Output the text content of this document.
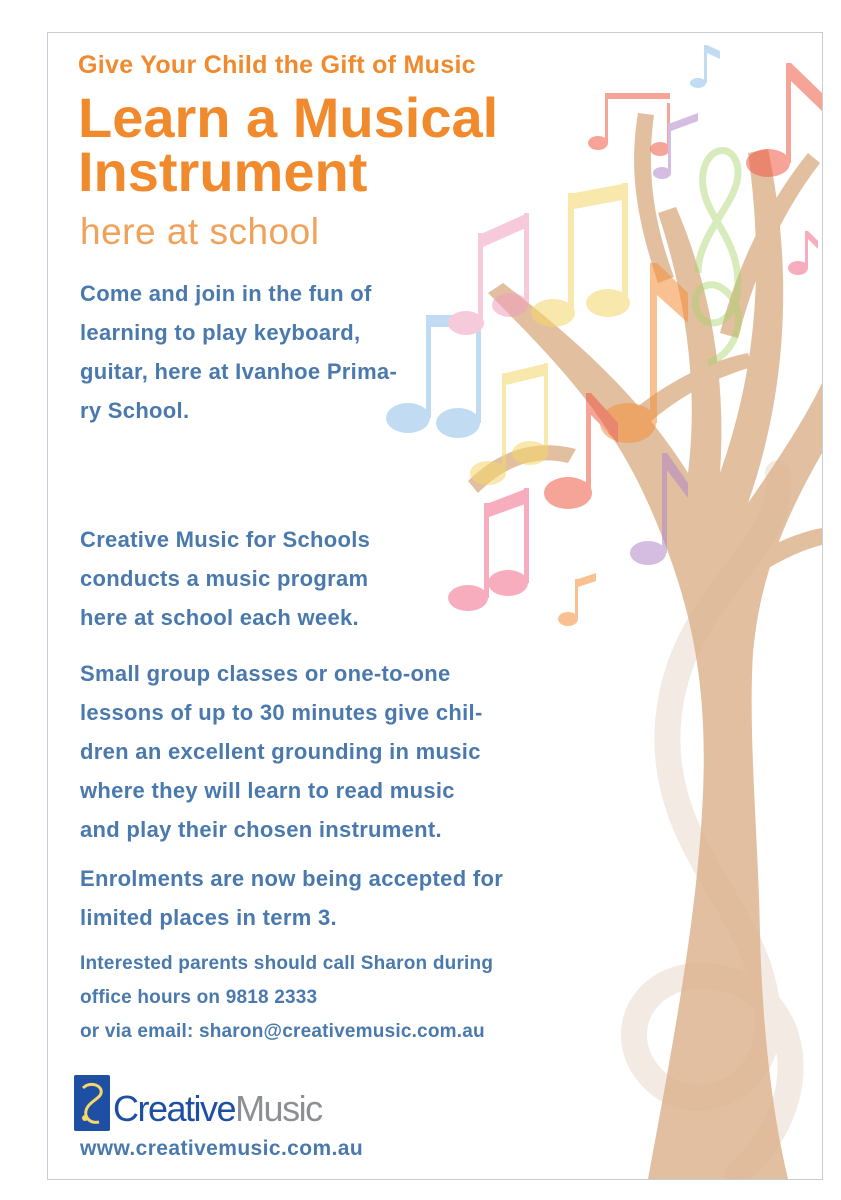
Give Your Child the Gift of Music

Learn a Musical Instrument

here at school

Come and join in the fun of
learning to play keyboard,
guitar, here at Ivanhoe Prima-
ry School.

Creative Music for Schools
conducts a music program
here at school each week.

Small group classes or one-to-one
lessons of up to 30 minutes give chil-
dren an excellent grounding in music
where they will learn to read music
and play their chosen instrument.

Enrolments are now being accepted for
limited places in term 3.

Interested parents should call Sharon during
office hours on 9818 2333
or via email: sharon@creativemusic.com.au

Creative Music

www.creativemusic.com.au
